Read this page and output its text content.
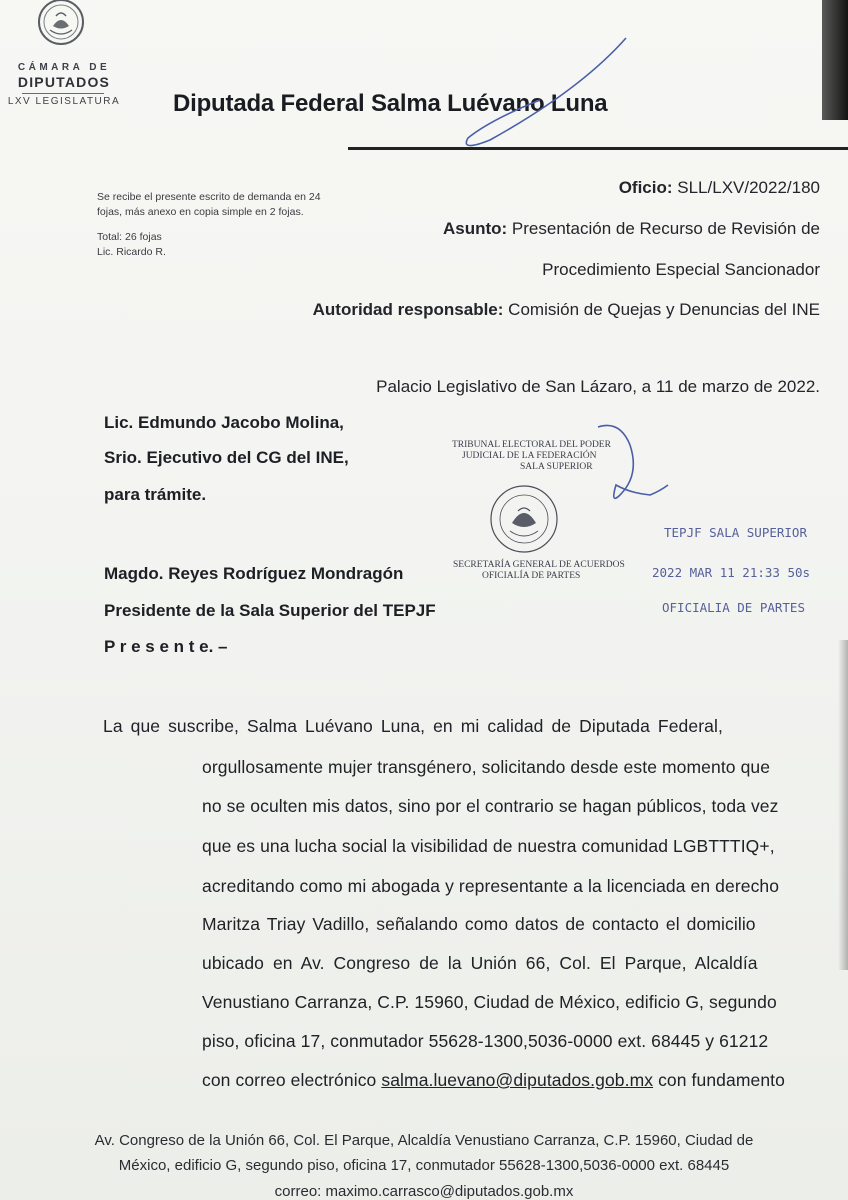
CÁMARA DE
DIPUTADOS
LXV LEGISLATURA Diputada Federal Salma Luévano Luna

Se recibe el presente escrito de demanda en 24

fojas, más anexo en copia simple en 2 fojas.

Total: 26 fojas

Lic. Ricardo R.

Oficio: SLL/LXV/2022/180
Asunto: Presentación de Recurso de Revisión de
Procedimiento Especial Sancionador
Autoridad responsable: Comisión de Quejas y Denuncias del INE
Palacio Legislativo de San Lázaro, a 11 de marzo de 2022.
Lic. Edmundo Jacobo Molina,
Srio. Ejecutivo del CG del INE,
para trámite.
Magdo. Reyes Rodríguez Mondragón
Presidente de la Sala Superior del TEPJF
P r e s e n t e. –
TRIBUNAL ELECTORAL DEL PODER
JUDICIAL DE LA FEDERACIÓN
SALA SUPERIOR
SECRETARÍA GENERAL DE ACUERDOS
OFICIALÍA DE PARTES
TEPJF SALA SUPERIOR
2022 MAR 11 21:33 50s
OFICIALIA DE PARTES
La que suscribe, Salma Luévano Luna, en mi calidad de Diputada Federal,
orgullosamente mujer transgénero, solicitando desde este momento que
no se oculten mis datos, sino por el contrario se hagan públicos, toda vez
que es una lucha social la visibilidad de nuestra comunidad LGBTTTIQ+,
acreditando como mi abogada y representante a la licenciada en derecho
Maritza Triay Vadillo, señalando como datos de contacto el domicilio
ubicado en Av. Congreso de la Unión 66, Col. El Parque, Alcaldía
Venustiano Carranza, C.P. 15960, Ciudad de México, edificio G, segundo
piso, oficina 17, conmutador 55628-1300,5036-0000 ext. 68445 y 61212
con correo electrónico salma.luevano@diputados.gob.mx con fundamento
Av. Congreso de la Unión 66, Col. El Parque, Alcaldía Venustiano Carranza, C.P. 15960, Ciudad de
México, edificio G, segundo piso, oficina 17, conmutador 55628-1300,5036-0000 ext. 68445
correo: maximo.carrasco@diputados.gob.mx
